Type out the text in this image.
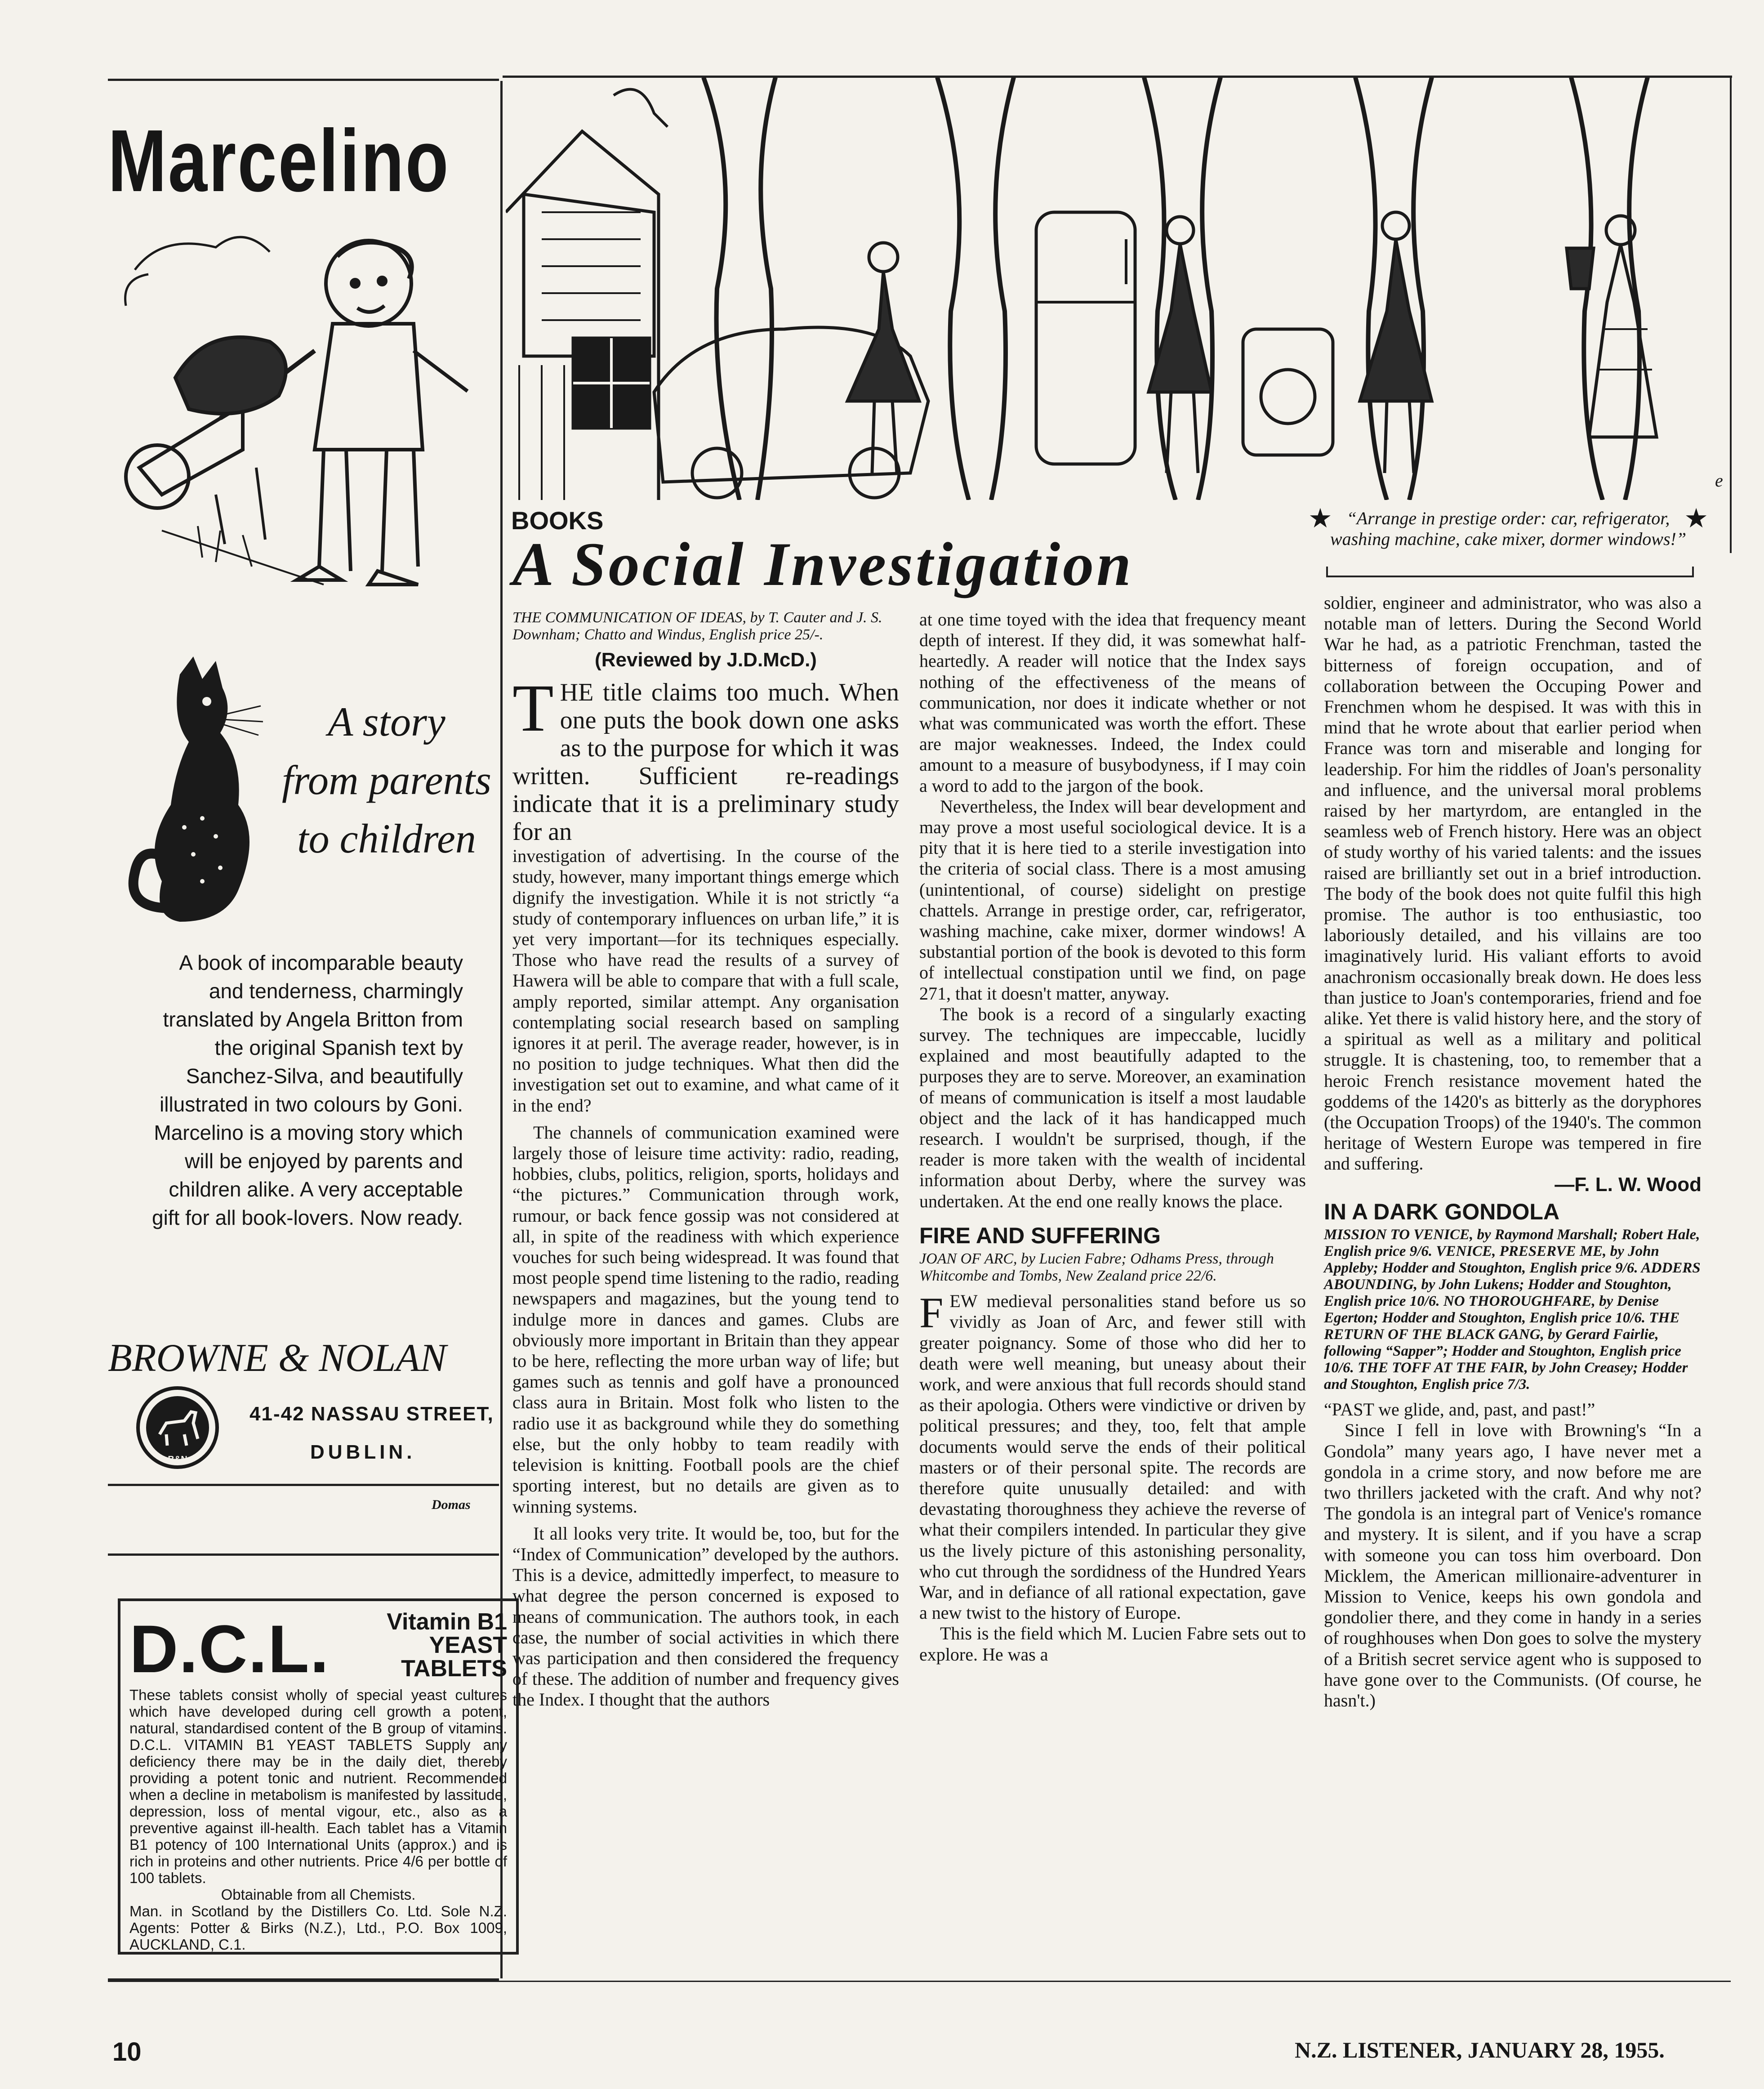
Marcelino
A story
from parents
to children
A book of incomparable beauty and tenderness, charmingly translated by Angela Britton from the original Spanish text by Sanchez-Silva, and beautifully illustrated in two colours by Goni. Marcelino is a moving story which will be enjoyed by parents and children alike. A very acceptable gift for all book-lovers. Now ready.
BROWNE & NOLAN
B&N
41-42 NASSAU STREET,
DUBLIN.
Domas
D.C.L.	Vitamin B1
YEAST TABLETS
These tablets consist wholly of special yeast cultures which have developed during cell growth a potent, natural, standardised content of the B group of vitamins. D.C.L. VITAMIN B1 YEAST TABLETS Supply any deficiency there may be in the daily diet, thereby providing a potent tonic and nutrient. Recommended when a decline in metabolism is manifested by lassitude, depression, loss of mental vigour, etc., also as a preventive against ill-health. Each tablet has a Vitamin B1 potency of 100 International Units (approx.) and is rich in proteins and other nutrients. Price 4/6 per bottle of 100 tablets.
Obtainable from all Chemists.
Man. in Scotland by the Distillers Co. Ltd. Sole N.Z. Agents: Potter & Birks (N.Z.), Ltd., P.O. Box 1009, AUCKLAND, C.1.
e
BOOKS
A Social Investigation
★ “Arrange in prestige order: car, refrigerator, washing machine, cake mixer, dormer windows!”
★
THE COMMUNICATION OF IDEAS, by T. Cauter and J. S. Downham; Chatto and Windus, English price 25/-.
(Reviewed by J.D.McD.)

THE title claims too much. When one puts the book down one asks as to the purpose for which it was written. Sufficient re-readings indicate that it is a preliminary study for an

investigation of advertising. In the course of the study, however, many important things emerge which dignify the investigation. While it is not strictly “a study of contemporary influences on urban life,” it is yet very important—for its techniques especially. Those who have read the results of a survey of Hawera will be able to compare that with a full scale, amply reported, similar attempt. Any organisation contemplating social research based on sampling ignores it at peril. The average reader, however, is in no position to judge techniques. What then did the investigation set out to examine, and what came of it in the end?

The channels of communication examined were largely those of leisure time activity: radio, reading, hobbies, clubs, politics, religion, sports, holidays and “the pictures.” Communication through work, rumour, or back fence gossip was not considered at all, in spite of the readiness with which experience vouches for such being widespread. It was found that most people spend time listening to the radio, reading newspapers and magazines, but the young tend to indulge more in dances and games. Clubs are obviously more important in Britain than they appear to be here, reflecting the more urban way of life; but games such as tennis and golf have a pronounced class aura in Britain. Most folk who listen to the radio use it as background while they do something else, but the only hobby to team readily with television is knitting. Football pools are the chief sporting interest, but no details are given as to winning systems.

It all looks very trite. It would be, too, but for the “Index of Communication” developed by the authors. This is a device, admittedly imperfect, to measure to what degree the person concerned is exposed to means of communication. The authors took, in each case, the number of social activities in which there was participation and then considered the frequency of these. The addition of number and frequency gives the Index. I thought that the authors

at one time toyed with the idea that frequency meant depth of interest. If they did, it was somewhat half-heartedly. A reader will notice that the Index says nothing of the effectiveness of the means of communication, nor does it indicate whether or not what was communicated was worth the effort. These are major weaknesses. Indeed, the Index could amount to a measure of busybodyness, if I may coin a word to add to the jargon of the book.

Nevertheless, the Index will bear development and may prove a most useful sociological device. It is a pity that it is here tied to a sterile investigation into the criteria of social class. There is a most amusing (unintentional, of course) sidelight on prestige chattels. Arrange in prestige order, car, refrigerator, washing machine, cake mixer, dormer windows! A substantial portion of the book is devoted to this form of intellectual constipation until we find, on page 271, that it doesn't matter, anyway.

The book is a record of a singularly exacting survey. The techniques are impeccable, lucidly explained and most beautifully adapted to the purposes they are to serve. Moreover, an examination of means of communication is itself a most laudable object and the lack of it has handicapped much research. I wouldn't be surprised, though, if the reader is more taken with the wealth of incidental information about Derby, where the survey was undertaken. At the end one really knows the place.

FIRE AND SUFFERING
JOAN OF ARC, by Lucien Fabre; Odhams Press, through Whitcombe and Tombs, New Zealand price 22/6.

FEW medieval personalities stand before us so vividly as Joan of Arc, and fewer still with greater poignancy. Some of those who did her to death were well meaning, but uneasy about their work, and were anxious that full records should stand as their apologia. Others were vindictive or driven by political pressures; and they, too, felt that ample documents would serve the ends of their political masters or of their personal spite. The records are therefore quite unusually detailed: and with devastating thoroughness they achieve the reverse of what their compilers intended. In particular they give us the lively picture of this astonishing personality, who cut through the sordidness of the Hundred Years War, and in defiance of all rational expectation, gave a new twist to the history of Europe.

This is the field which M. Lucien Fabre sets out to explore. He was a

soldier, engineer and administrator, who was also a notable man of letters. During the Second World War he had, as a patriotic Frenchman, tasted the bitterness of foreign occupation, and of collaboration between the Occuping Power and Frenchmen whom he despised. It was with this in mind that he wrote about that earlier period when France was torn and miserable and longing for leadership. For him the riddles of Joan's personality and influence, and the universal moral problems raised by her martyrdom, are entangled in the seamless web of French history. Here was an object of study worthy of his varied talents: and the issues raised are brilliantly set out in a brief introduction. The body of the book does not quite fulfil this high promise. The author is too enthusiastic, too laboriously detailed, and his villains are too imaginatively lurid. His valiant efforts to avoid anachronism occasionally break down. He does less than justice to Joan's contemporaries, friend and foe alike. Yet there is valid history here, and the story of a spiritual as well as a military and political struggle. It is chastening, too, to remember that a heroic French resistance movement hated the goddems of the 1420's as bitterly as the doryphores (the Occupation Troops) of the 1940's. The common heritage of Western Europe was tempered in fire and suffering.

—F. L. W. Wood
IN A DARK GONDOLA
MISSION TO VENICE, by Raymond Marshall; Robert Hale, English price 9/6. VENICE, PRESERVE ME, by John Appleby; Hodder and Stoughton, English price 9/6. ADDERS ABOUNDING, by John Lukens; Hodder and Stoughton, English price 10/6. NO THOROUGHFARE, by Denise Egerton; Hodder and Stoughton, English price 10/6. THE RETURN OF THE BLACK GANG, by Gerard Fairlie, following “Sapper”; Hodder and Stoughton, English price 10/6. THE TOFF AT THE FAIR, by John Creasey; Hodder and Stoughton, English price 7/3.

“PAST we glide, and, past, and past!”

Since I fell in love with Browning's “In a Gondola” many years ago, I have never met a gondola in a crime story, and now before me are two thrillers jacketed with the craft. And why not? The gondola is an integral part of Venice's romance and mystery. It is silent, and if you have a scrap with someone you can toss him overboard. Don Micklem, the American millionaire-adventurer in Mission to Venice, keeps his own gondola and gondolier there, and they come in handy in a series of roughhouses when Don goes to solve the mystery of a British secret service agent who is supposed to have gone over to the Communists. (Of course, he hasn't.)

10	N.Z. LISTENER, JANUARY 28, 1955.
